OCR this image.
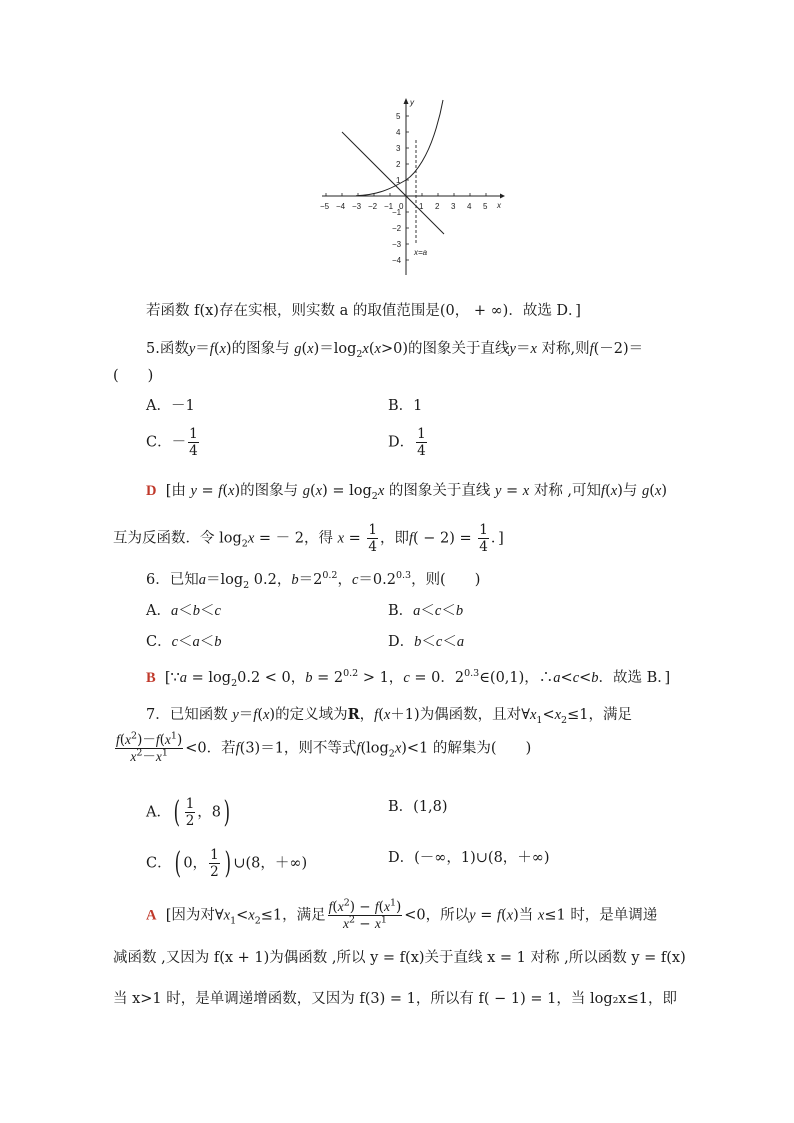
x
y
−5 −4 −3 −2 −1 0 1 2 3 4 5
5
4
3
2
1
−1
−2
−3
−4
x=a
若函数 f(x)存在实根，则实数 a 的取值范围是(0， + ∞)．故选 D．]
5.函数y＝f(x)的图象与 $g(x)=\log_2x(x>0)$的图象关于直线y＝x 对称,则f(－2)＝
(　　)
A．－1	B．1
C．－ $\frac{1}{4}$	D． $\frac{1}{4}$
D [由 y = f(x)的图象与 $g(x) = \log_2x$ 的图象关于直线 y = x 对称 ,可知f(x)与 g(x)
互为反函数．令 $\log_2x$ = － 2，得 $x = \frac{1}{4}$ ，即$f( - 2) = \frac{1}{4}$ ．]
6．已知$a=\log_2$ 0.2，$b=2^{0.2}$，$c=0.2^{0.3}$，则(　　)
A．a＜b＜c	B．a＜c＜b
C．c＜a＜b	D．b＜c＜a
B  [∵a = $\log_20.2 < 0$，$b = 2^{0.2} > 1$，c = 0．$2^{0.3}\in(0,1)$，∴a<c<b．故选 B．]
7．已知函数 y＝f(x)的定义域为R，f(x＋1)为偶函数，且对$\forall x_1<x_2\le 1$，满足
$\frac{f(x^2)-f(x^1)}{x^2-x^1} <0$．若f(3)＝1，则不等式$f(\log_2x)<1$ 的解集为(　　)
A．( $\frac{1}{2}$ ，8)	B．(1,8)
C．( 0， $\frac{1}{2}$ ) ∪(8，＋∞)	D．(－∞，1)∪(8，＋∞)
A [因为对$\forall x_1<x_2\le 1$，满足 $\frac{f(x^2) - f(x^1)}{x^2 - x^1} <0$，所以y = f(x)当 x≤1 时，是单调递
减函数 ,又因为 f(x + 1)为偶函数 ,所以 y = f(x)关于直线 x = 1 对称 ,所以函数 y = f(x)
当 x>1 时，是单调递增函数，又因为 f(3) = 1，所以有 f( − 1) = 1，当 log₂x≤1，即
